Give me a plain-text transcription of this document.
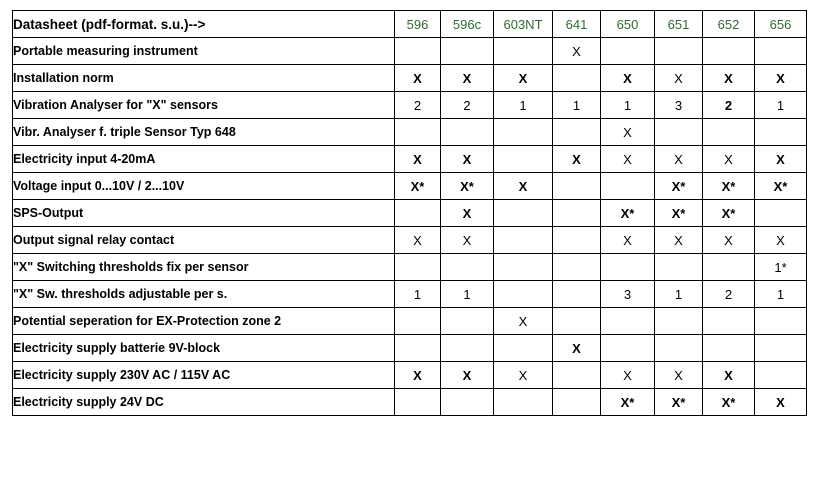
Datasheet (pdf-format. s.u.)-->	596	596c	603NT	641	650	651	652	656
Portable measuring instrument				X				
Installation norm	X	X	X		X	X	X	X
Vibration Analyser for "X" sensors	2	2	1	1	1	3	2	1
Vibr. Analyser f. triple Sensor Typ 648					X			
Electricity input 4-20mA	X	X		X	X	X	X	X
Voltage input 0...10V / 2...10V	X*	X*	X			X*	X*	X*
SPS-Output		X			X*	X*	X*	
Output signal relay contact	X	X			X	X	X	X
"X" Switching thresholds fix per sensor								1*
"X" Sw. thresholds adjustable per s.	1	1			3	1	2	1
Potential seperation for EX-Protection zone 2			X					
Electricity supply batterie 9V-block				X				
Electricity supply 230V AC / 115V AC	X	X	X		X	X	X	
Electricity supply 24V DC					X*	X*	X*	X
